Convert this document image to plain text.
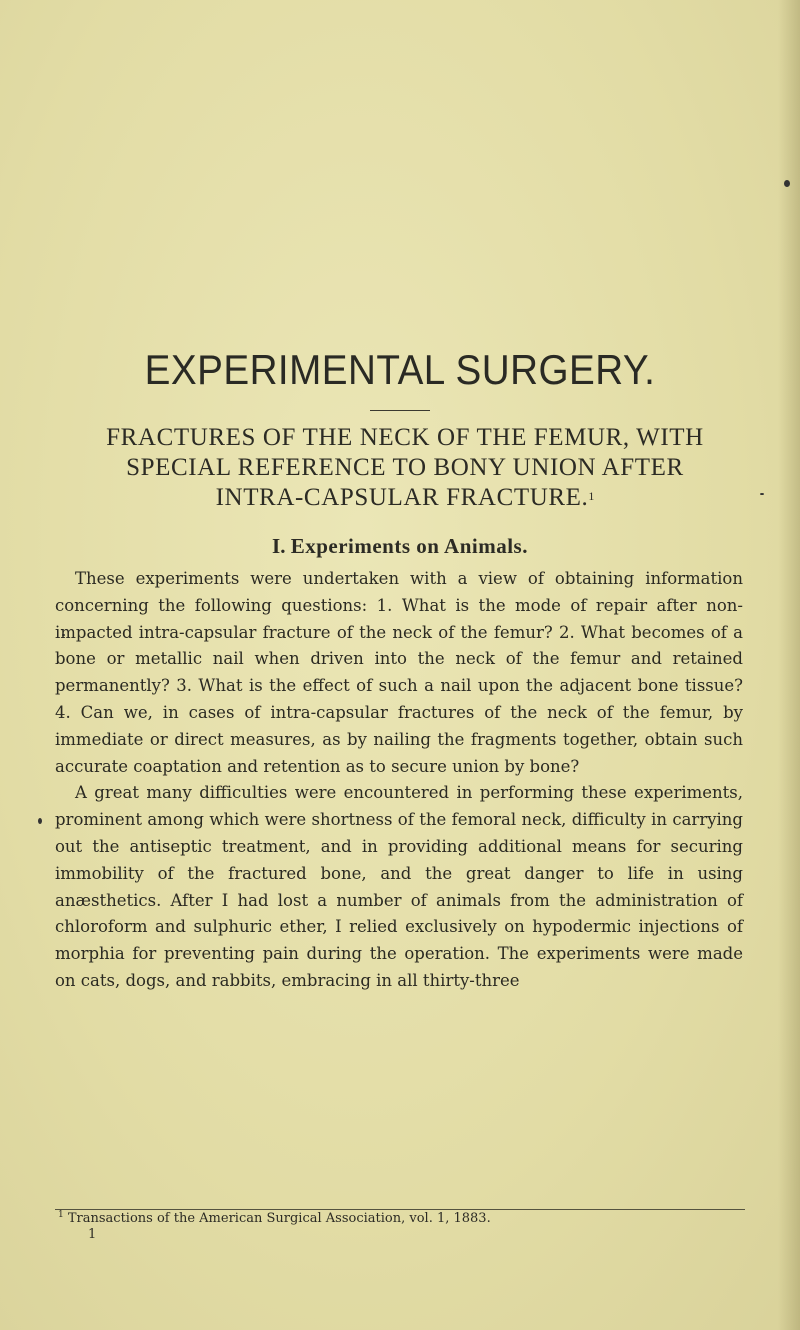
EXPERIMENTAL SURGERY.
FRACTURES OF THE NECK OF THE FEMUR, WITH
SPECIAL REFERENCE TO BONY UNION AFTER
INTRA-CAPSULAR FRACTURE.$^1$
I. Experiments on Animals.

These experiments were undertaken with a view of obtaining information concerning the following questions: 1. What is the mode of repair after non-impacted intra-capsular fracture of the neck of the femur? 2. What becomes of a bone or metallic nail when driven into the neck of the femur and retained permanently? 3. What is the effect of such a nail upon the adjacent bone tissue? 4. Can we, in cases of intra-capsular fractures of the neck of the femur, by immediate or direct measures, as by nailing the fragments together, obtain such accurate coaptation and retention as to secure union by bone?

A great many difficulties were encountered in performing these experiments, prominent among which were shortness of the femoral neck, difficulty in carrying out the antiseptic treatment, and in providing additional means for securing immobility of the fractured bone, and the great danger to life in using anæsthetics. After I had lost a number of animals from the administration of chloroform and sulphuric ether, I relied exclusively on hypodermic injections of morphia for preventing pain during the operation. The experiments were made on cats, dogs, and rabbits, embracing in all thirty-three

$^1$ Transactions of the American Surgical Association, vol. 1, 1883.
1
